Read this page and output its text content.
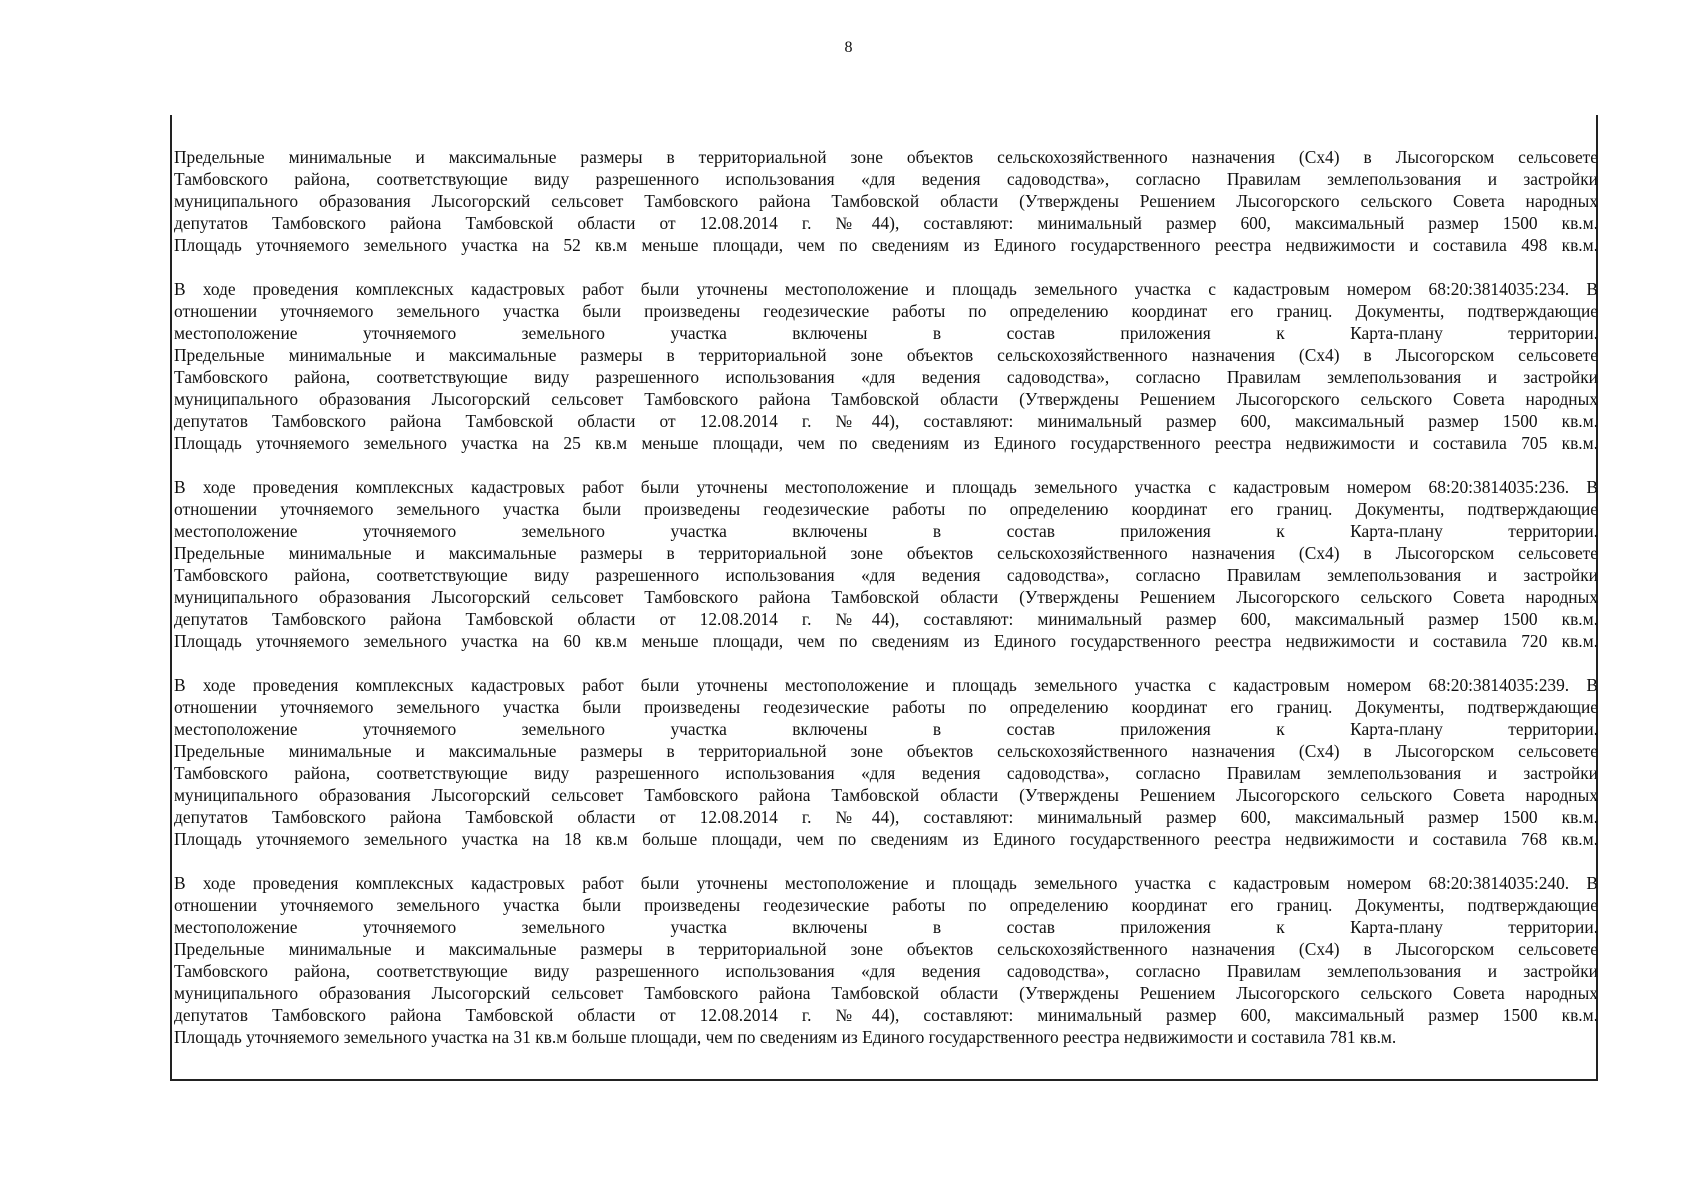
8
Предельные минимальные и максимальные размеры в территориальной зоне объектов сельскохозяйственного назначения (Сх4) в Лысогорском сельсовете
Тамбовского района, соответствующие виду разрешенного использования «для ведения садоводства», согласно Правилам землепользования и застройки
муниципального образования Лысогорский сельсовет Тамбовского района Тамбовской области (Утверждены Решением Лысогорского сельского Совета народных
депутатов Тамбовского района Тамбовской области от 12.08.2014 г. №44), составляют: минимальный размер 600, максимальный размер 1500 кв.м.
Площадь уточняемого земельного участка на 52 кв.м меньше площади, чем по сведениям из Единого государственного реестра недвижимости и составила 498 кв.м.
В ходе проведения комплексных кадастровых работ были уточнены местоположение и площадь земельного участка с кадастровым номером 68:20:3814035:234. В
отношении уточняемого земельного участка были произведены геодезические работы по определению координат его границ. Документы, подтверждающие
местоположение уточняемого земельного участка включены в состав приложения к Карта-плану территории.
Предельные минимальные и максимальные размеры в территориальной зоне объектов сельскохозяйственного назначения (Сх4) в Лысогорском сельсовете
Тамбовского района, соответствующие виду разрешенного использования «для ведения садоводства», согласно Правилам землепользования и застройки
муниципального образования Лысогорский сельсовет Тамбовского района Тамбовской области (Утверждены Решением Лысогорского сельского Совета народных
депутатов Тамбовского района Тамбовской области от 12.08.2014 г. №44), составляют: минимальный размер 600, максимальный размер 1500 кв.м.
Площадь уточняемого земельного участка на 25 кв.м меньше площади, чем по сведениям из Единого государственного реестра недвижимости и составила 705 кв.м.
В ходе проведения комплексных кадастровых работ были уточнены местоположение и площадь земельного участка с кадастровым номером 68:20:3814035:236. В
отношении уточняемого земельного участка были произведены геодезические работы по определению координат его границ. Документы, подтверждающие
местоположение уточняемого земельного участка включены в состав приложения к Карта-плану территории.
Предельные минимальные и максимальные размеры в территориальной зоне объектов сельскохозяйственного назначения (Сх4) в Лысогорском сельсовете
Тамбовского района, соответствующие виду разрешенного использования «для ведения садоводства», согласно Правилам землепользования и застройки
муниципального образования Лысогорский сельсовет Тамбовского района Тамбовской области (Утверждены Решением Лысогорского сельского Совета народных
депутатов Тамбовского района Тамбовской области от 12.08.2014 г. №44), составляют: минимальный размер 600, максимальный размер 1500 кв.м.
Площадь уточняемого земельного участка на 60 кв.м меньше площади, чем по сведениям из Единого государственного реестра недвижимости и составила 720 кв.м.
В ходе проведения комплексных кадастровых работ были уточнены местоположение и площадь земельного участка с кадастровым номером 68:20:3814035:239. В
отношении уточняемого земельного участка были произведены геодезические работы по определению координат его границ. Документы, подтверждающие
местоположение уточняемого земельного участка включены в состав приложения к Карта-плану территории.
Предельные минимальные и максимальные размеры в территориальной зоне объектов сельскохозяйственного назначения (Сх4) в Лысогорском сельсовете
Тамбовского района, соответствующие виду разрешенного использования «для ведения садоводства», согласно Правилам землепользования и застройки
муниципального образования Лысогорский сельсовет Тамбовского района Тамбовской области (Утверждены Решением Лысогорского сельского Совета народных
депутатов Тамбовского района Тамбовской области от 12.08.2014 г. №44), составляют: минимальный размер 600, максимальный размер 1500 кв.м.
Площадь уточняемого земельного участка на 18 кв.м больше площади, чем по сведениям из Единого государственного реестра недвижимости и составила 768 кв.м.
В ходе проведения комплексных кадастровых работ были уточнены местоположение и площадь земельного участка с кадастровым номером 68:20:3814035:240. В
отношении уточняемого земельного участка были произведены геодезические работы по определению координат его границ. Документы, подтверждающие
местоположение уточняемого земельного участка включены в состав приложения к Карта-плану территории.
Предельные минимальные и максимальные размеры в территориальной зоне объектов сельскохозяйственного назначения (Сх4) в Лысогорском сельсовете
Тамбовского района, соответствующие виду разрешенного использования «для ведения садоводства», согласно Правилам землепользования и застройки
муниципального образования Лысогорский сельсовет Тамбовского района Тамбовской области (Утверждены Решением Лысогорского сельского Совета народных
депутатов Тамбовского района Тамбовской области от 12.08.2014 г. №44), составляют: минимальный размер 600, максимальный размер 1500 кв.м.
Площадь уточняемого земельного участка на 31 кв.м больше площади, чем по сведениям из Единого государственного реестра недвижимости и составила 781 кв.м.
